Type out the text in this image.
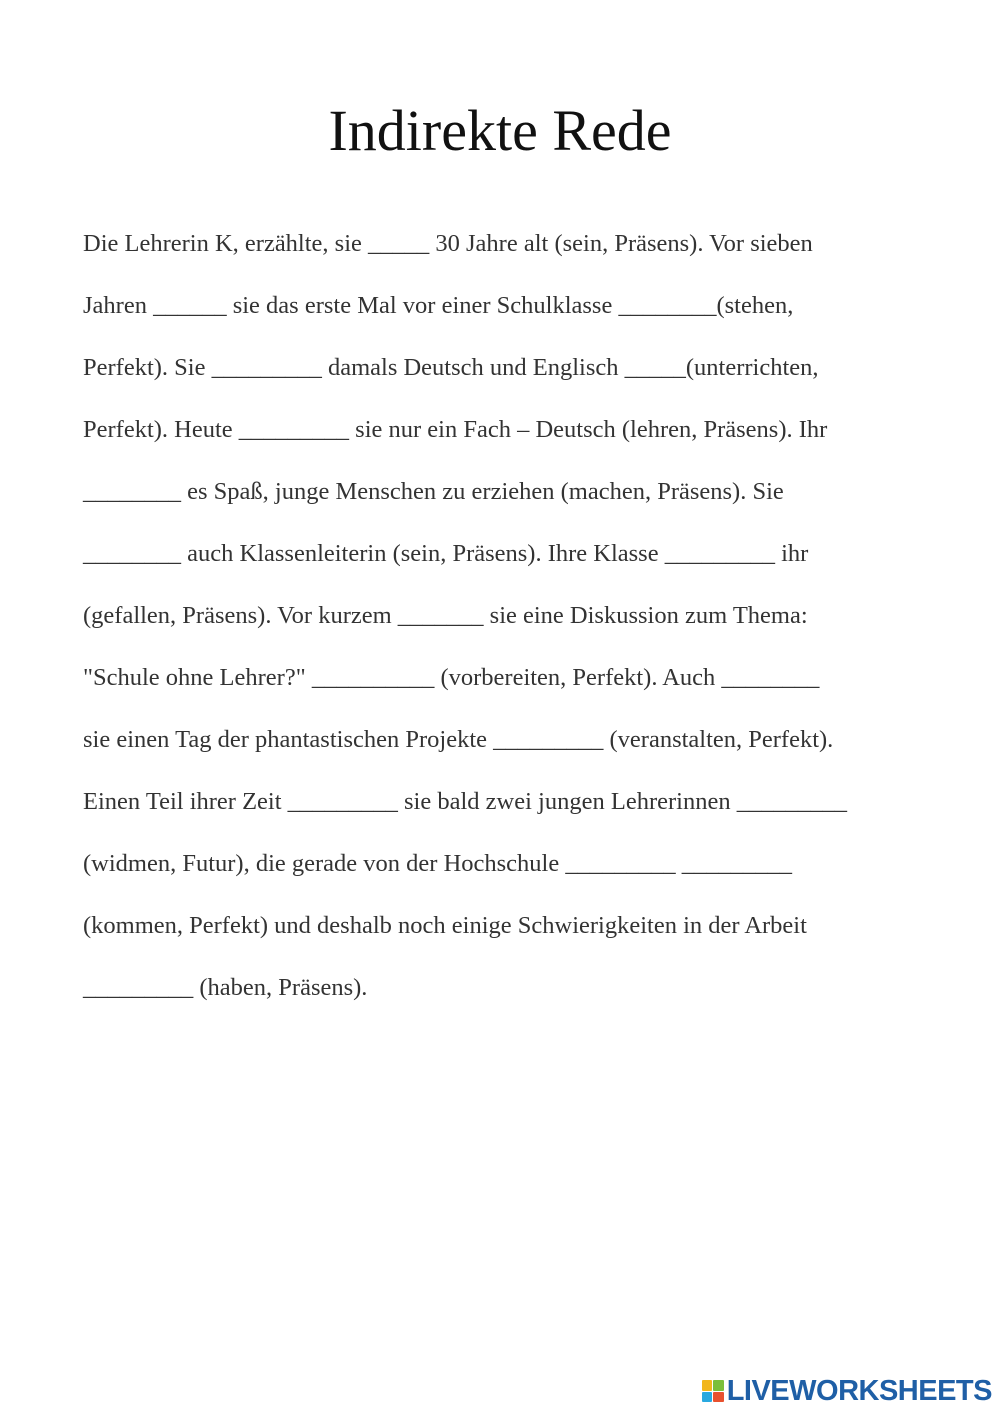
Indirekte Rede
Die Lehrerin K, erzählte, sie _____ 30 Jahre alt (sein, Präsens). Vor sieben
Jahren ______ sie das erste Mal vor einer Schulklasse ________(stehen,
Perfekt). Sie _________ damals Deutsch und Englisch _____(unterrichten,
Perfekt). Heute _________ sie nur ein Fach – Deutsch (lehren, Präsens). Ihr
________ es Spaß, junge Menschen zu erziehen (machen, Präsens). Sie
________ auch Klassenleiterin (sein, Präsens). Ihre Klasse _________ ihr
(gefallen, Präsens). Vor kurzem _______ sie eine Diskussion zum Thema:
"Schule ohne Lehrer?" __________ (vorbereiten, Perfekt). Auch ________
sie einen Tag der phantastischen Projekte _________ (veranstalten, Perfekt).
Einen Teil ihrer Zeit _________ sie bald zwei jungen Lehrerinnen _________
(widmen, Futur), die gerade von der Hochschule _________ _________
(kommen, Perfekt) und deshalb noch einige Schwierigkeiten in der Arbeit
_________ (haben, Präsens).
LIVEWORKSHEETS
